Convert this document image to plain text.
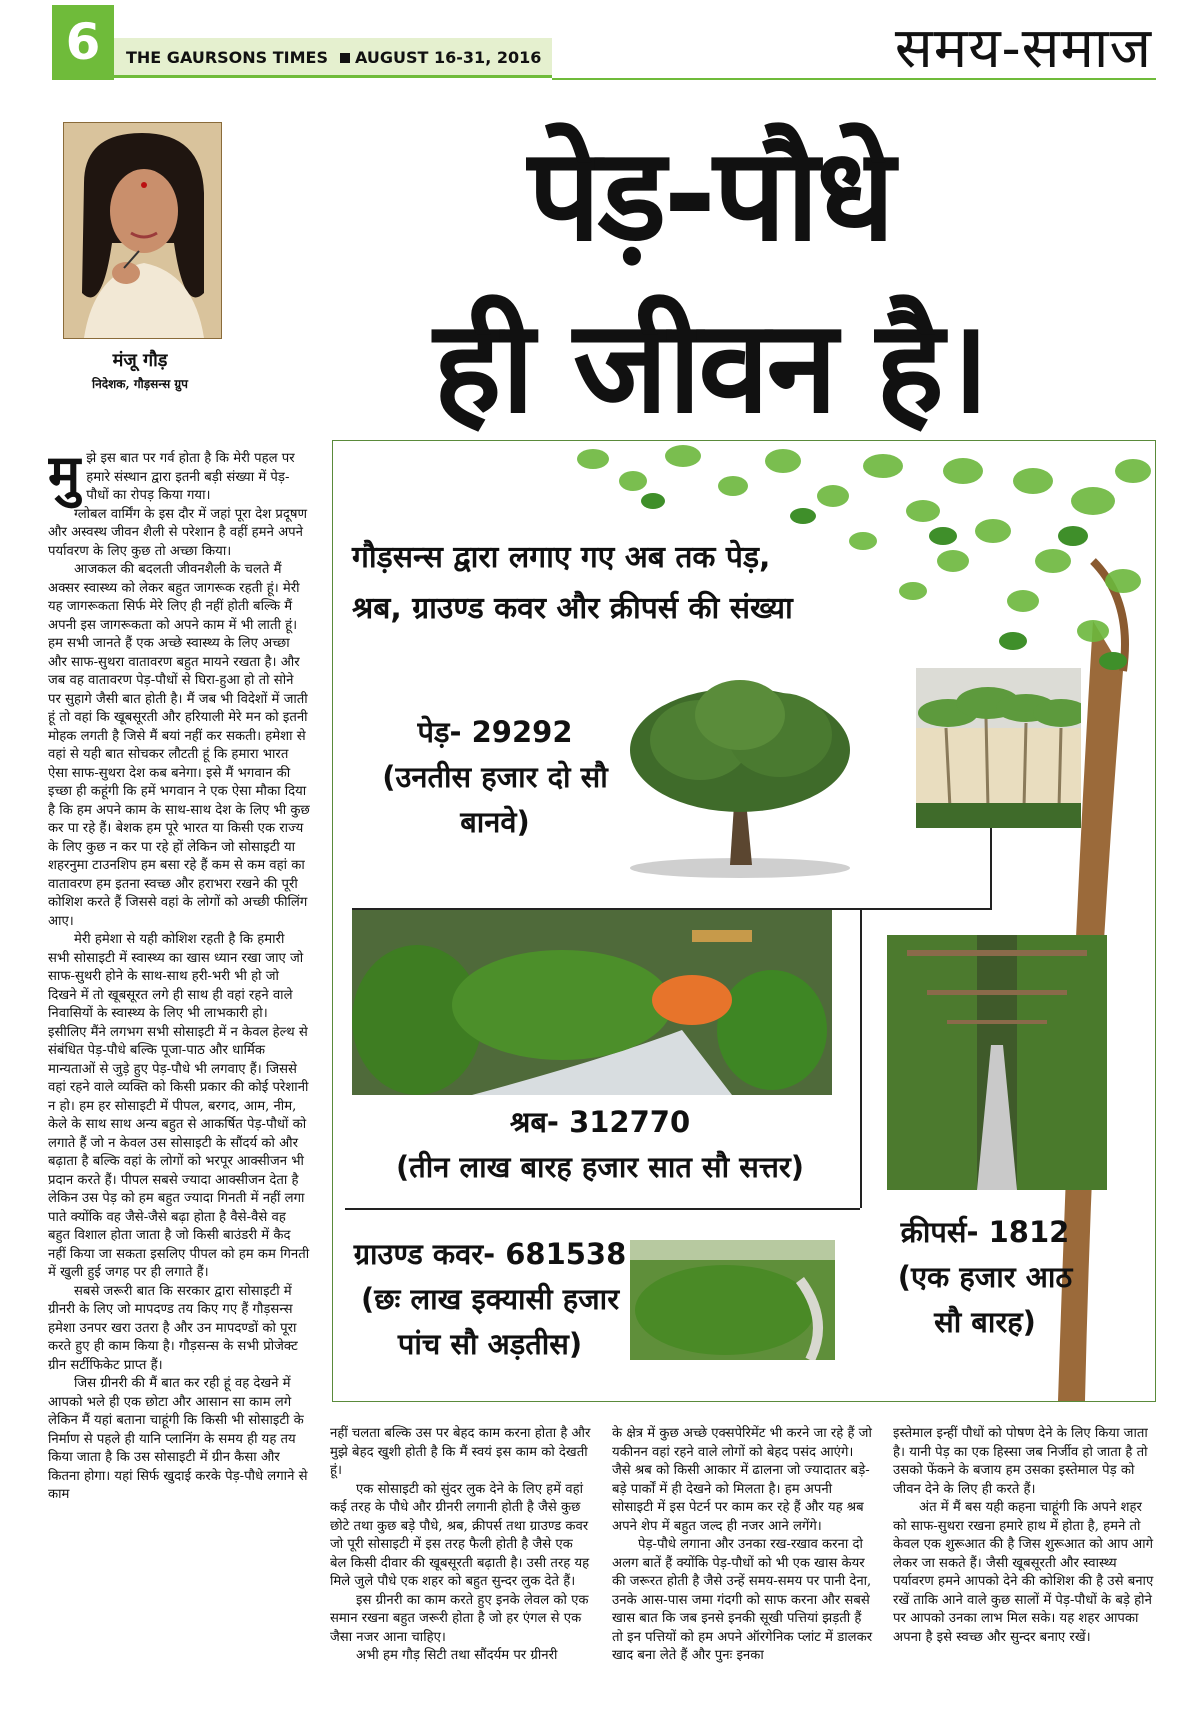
6	THE GAURSONS TIMES AUGUST 16-31, 2016	समय-समाज
मंजू गौड़
निदेशक, गौड़सन्स ग्रुप
पेड़-पौधे
ही जीवन है।
गौड़सन्स द्वारा लगाए गए अब तक पेड़,
श्रब, ग्राउण्ड कवर और क्रीपर्स की संख्या
पेड़- 29292
(उनतीस हजार दो सौ बानवे)
श्रब- 312770
(तीन लाख बारह हजार सात सौ सत्तर)
ग्राउण्ड कवर- 681538
(छः लाख इक्यासी हजार पांच सौ अड़तीस)
क्रीपर्स- 1812
(एक हजार आठ सौ बारह)

मुझे इस बात पर गर्व होता है कि मेरी पहल पर हमारे संस्थान द्वारा इतनी बड़ी संख्या में पेड़-पौधों का रोपड़ किया गया।

ग्लोबल वार्मिंग के इस दौर में जहां पूरा देश प्रदूषण और अस्वस्थ जीवन शैली से परेशान है वहीं हमने अपने पर्यावरण के लिए कुछ तो अच्छा किया।

आजकल की बदलती जीवनशैली के चलते मैं अक्सर स्वास्थ्य को लेकर बहुत जागरूक रहती हूं। मेरी यह जागरूकता सिर्फ मेरे लिए ही नहीं होती बल्कि मैं अपनी इस जागरूकता को अपने काम में भी लाती हूं। हम सभी जानते हैं एक अच्छे स्वास्थ्य के लिए अच्छा और साफ-सुथरा वातावरण बहुत मायने रखता है। और जब वह वातावरण पेड़-पौधों से घिरा-हुआ हो तो सोने पर सुहागे जैसी बात होती है। मैं जब भी विदेशों में जाती हूं तो वहां कि खूबसूरती और हरियाली मेरे मन को इतनी मोहक लगती है जिसे मैं बयां नहीं कर सकती। हमेशा से वहां से यही बात सोचकर लौटती हूं कि हमारा भारत ऐसा साफ-सुथरा देश कब बनेगा। इसे मैं भगवान की इच्छा ही कहूंगी कि हमें भगवान ने एक ऐसा मौका दिया है कि हम अपने काम के साथ-साथ देश के लिए भी कुछ कर पा रहे हैं। बेशक हम पूरे भारत या किसी एक राज्य के लिए कुछ न कर पा रहे हों लेकिन जो सोसाइटी या शहरनुमा टाउनशिप हम बसा रहे हैं कम से कम वहां का वातावरण हम इतना स्वच्छ और हराभरा रखने की पूरी कोशिश करते हैं जिससे वहां के लोगों को अच्छी फीलिंग आए।

मेरी हमेशा से यही कोशिश रहती है कि हमारी सभी सोसाइटी में स्वास्थ्य का खास ध्यान रखा जाए जो साफ-सुथरी होने के साथ-साथ हरी-भरी भी हो जो दिखने में तो खूबसूरत लगे ही साथ ही वहां रहने वाले निवासियों के स्वास्थ्य के लिए भी लाभकारी हो। इसीलिए मैंने लगभग सभी सोसाइटी में न केवल हेल्थ से संबंधित पेड़-पौधे बल्कि पूजा-पाठ और धार्मिक मान्यताओं से जुड़े हुए पेड़-पौधे भी लगवाए हैं। जिससे वहां रहने वाले व्यक्ति को किसी प्रकार की कोई परेशानी न हो। हम हर सोसाइटी में पीपल, बरगद, आम, नीम, केले के साथ साथ अन्य बहुत से आकर्षित पेड़-पौधों को लगाते हैं जो न केवल उस सोसाइटी के सौंदर्य को और बढ़ाता है बल्कि वहां के लोगों को भरपूर आक्सीजन भी प्रदान करते हैं। पीपल सबसे ज्यादा आक्सीजन देता है लेकिन उस पेड़ को हम बहुत ज्यादा गिनती में नहीं लगा पाते क्योंकि वह जैसे-जैसे बढ़ा होता है वैसे-वैसे वह बहुत विशाल होता जाता है जो किसी बाउंडरी में कैद नहीं किया जा सकता इसलिए पीपल को हम कम गिनती में खुली हुई जगह पर ही लगाते हैं।

सबसे जरूरी बात कि सरकार द्वारा सोसाइटी में ग्रीनरी के लिए जो मापदण्ड तय किए गए हैं गौड़सन्स हमेशा उनपर खरा उतरा है और उन मापदण्डों को पूरा करते हुए ही काम किया है। गौड़सन्स के सभी प्रोजेक्ट ग्रीन सर्टीफिकेट प्राप्त हैं।

जिस ग्रीनरी की मैं बात कर रही हूं वह देखने में आपको भले ही एक छोटा और आसान सा काम लगे लेकिन मैं यहां बताना चाहूंगी कि किसी भी सोसाइटी के निर्माण से पहले ही यानि प्लानिंग के समय ही यह तय किया जाता है कि उस सोसाइटी में ग्रीन कैसा और कितना होगा। यहां सिर्फ खुदाई करके पेड़-पौधे लगाने से काम

नहीं चलता बल्कि उस पर बेहद काम करना होता है और मुझे बेहद खुशी होती है कि मैं स्वयं इस काम को देखती हूं।

एक सोसाइटी को सुंदर लुक देने के लिए हमें वहां कई तरह के पौधे और ग्रीनरी लगानी होती है जैसे कुछ छोटे तथा कुछ बड़े पौधे, श्रब, क्रीपर्स तथा ग्राउण्ड कवर जो पूरी सोसाइटी में इस तरह फैली होती है जैसे एक बेल किसी दीवार की खूबसूरती बढ़ाती है। उसी तरह यह मिले जुले पौधे एक शहर को बहुत सुन्दर लुक देते हैं।

इस ग्रीनरी का काम करते हुए इनके लेवल को एक समान रखना बहुत जरूरी होता है जो हर एंगल से एक जैसा नजर आना चाहिए।

अभी हम गौड़ सिटी तथा सौंदर्यम पर ग्रीनरी

के क्षेत्र में कुछ अच्छे एक्सपेरिमेंट भी करने जा रहे हैं जो यकीनन वहां रहने वाले लोगों को बेहद पसंद आएंगे। जैसे श्रब को किसी आकार में ढालना जो ज्यादातर बड़े-बड़े पार्कों में ही देखने को मिलता है। हम अपनी सोसाइटी में इस पेटर्न पर काम कर रहे हैं और यह श्रब अपने शेप में बहुत जल्द ही नजर आने लगेंगे।

पेड़-पौधे लगाना और उनका रख-रखाव करना दो अलग बातें हैं क्योंकि पेड़-पौधों को भी एक खास केयर की जरूरत होती है जैसे उन्हें समय-समय पर पानी देना, उनके आस-पास जमा गंदगी को साफ करना और सबसे खास बात कि जब इनसे इनकी सूखी पत्तियां झड़ती हैं तो इन पत्तियों को हम अपने ऑरगेनिक प्लांट में डालकर खाद बना लेते हैं और पुनः इनका

इस्तेमाल इन्हीं पौधों को पोषण देने के लिए किया जाता है। यानी पेड़ का एक हिस्सा जब निर्जीव हो जाता है तो उसको फेंकने के बजाय हम उसका इस्तेमाल पेड़ को जीवन देने के लिए ही करते हैं।

अंत में मैं बस यही कहना चाहूंगी कि अपने शहर को साफ-सुथरा रखना हमारे हाथ में होता है, हमने तो केवल एक शुरूआत की है जिस शुरूआत को आप आगे लेकर जा सकते हैं। जैसी खूबसूरती और स्वास्थ्य पर्यावरण हमने आपको देने की कोशिश की है उसे बनाए रखें ताकि आने वाले कुछ सालों में पेड़-पौधों के बड़े होने पर आपको उनका लाभ मिल सके। यह शहर आपका अपना है इसे स्वच्छ और सुन्दर बनाए रखें।
